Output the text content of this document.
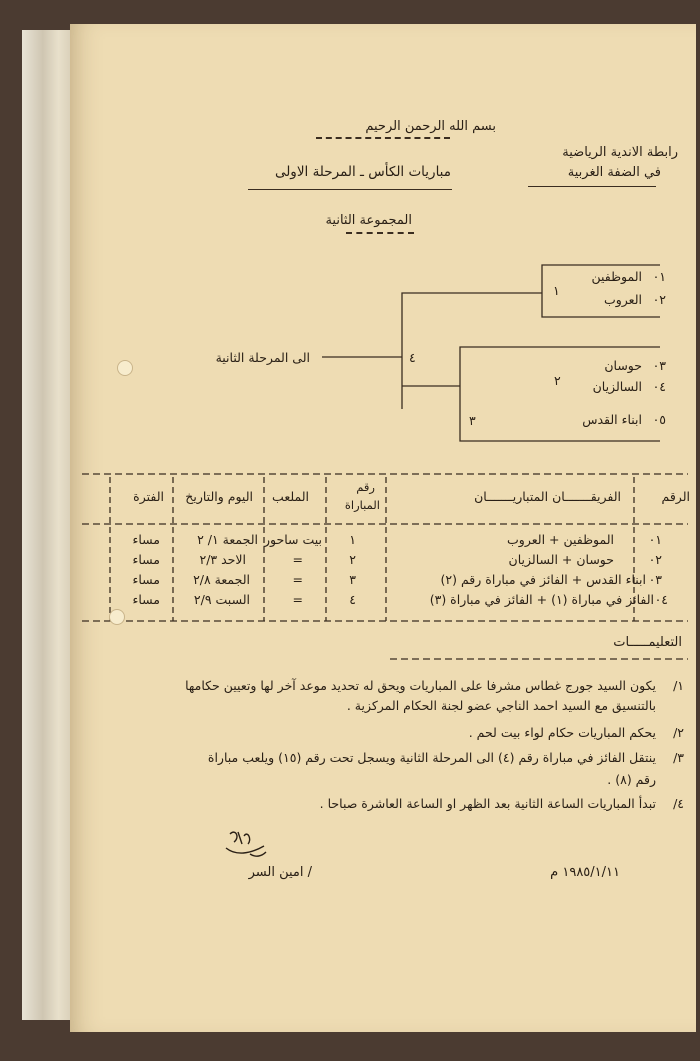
بسم الله الرحمن الرحيم
رابطة الاندية الرياضية
في الضفة الغربية
مباريات الكأس ـ المرحلة الاولى
المجموعة الثانية
٠١
الموظفين
٠٢
العروب
٠٣
حوسان
٠٤
السالزيان
٠٥
ابناء القدس
١
٢
٣
٤
الى المرحلة الثانية
الرقم
الفريقـــــــان المتباريـــــــان
رقم
المباراة
الملعب
اليوم والتاريخ
الفترة
٠١
الموظفين + العروب
١
بيت ساحور
الجمعة ١/ ٢
مساء
٠٢
حوسان + السالزيان
٢
=
الاحد ٢/٣
مساء
٠٣
ابناء القدس + الفائز في مباراة رقم (٢)
٣
=
الجمعة ٢/٨
مساء
٠٤
الفائز في مباراة (١) + الفائز في مباراة (٣)
٤
=
السبت ٢/٩
مساء
التعليمـــــات
١/
يكون السيد جورج غطاس مشرفا على المباريات ويحق له تحديد موعد آخر لها وتعيين حكامها
بالتنسيق مع السيد احمد الناجي عضو لجنة الحكام المركزية .
٢/
يحكم المباريات حكام لواء بيت لحم .
٣/
ينتقل الفائز في مباراة رقم (٤) الى المرحلة الثانية ويسجل تحت رقم (١٥) ويلعب مباراة
رقم (٨) .
٤/
تبدأ المباريات الساعة الثانية بعد الظهر او الساعة العاشرة صباحا .
/ امين السر	١٩٨٥/١/١١ م
